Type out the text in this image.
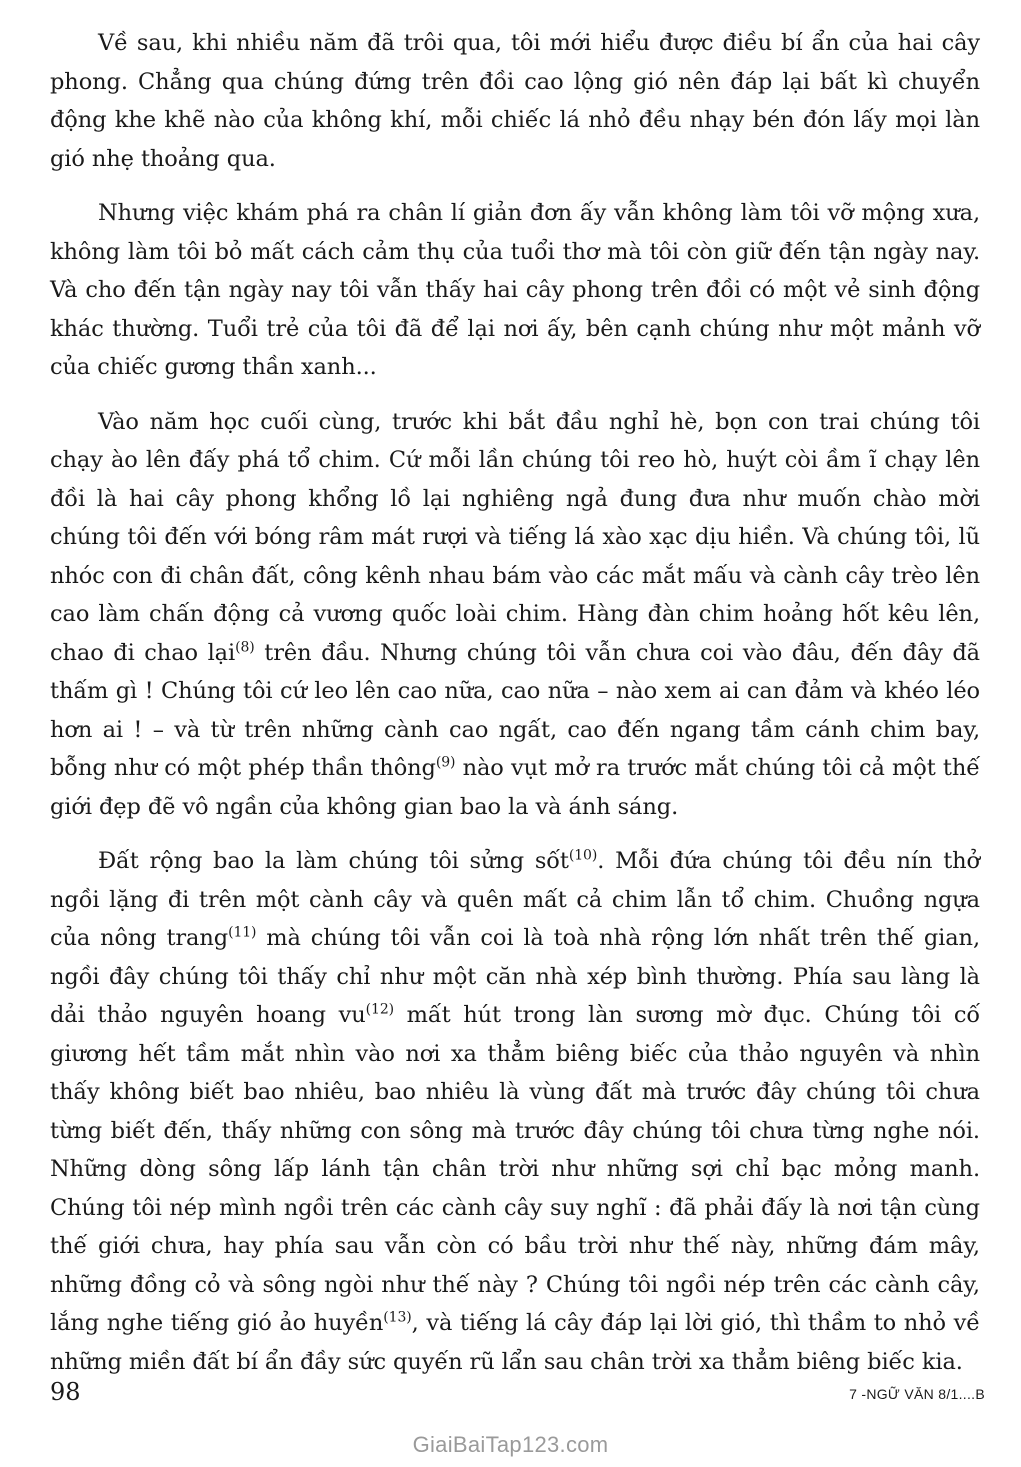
Về sau, khi nhiều năm đã trôi qua, tôi mới hiểu được điều bí ẩn của hai cây phong. Chẳng qua chúng đứng trên đồi cao lộng gió nên đáp lại bất kì chuyển động khe khẽ nào của không khí, mỗi chiếc lá nhỏ đều nhạy bén đón lấy mọi làn gió nhẹ thoảng qua.

Nhưng việc khám phá ra chân lí giản đơn ấy vẫn không làm tôi vỡ mộng xưa, không làm tôi bỏ mất cách cảm thụ của tuổi thơ mà tôi còn giữ đến tận ngày nay. Và cho đến tận ngày nay tôi vẫn thấy hai cây phong trên đồi có một vẻ sinh động khác thường. Tuổi trẻ của tôi đã để lại nơi ấy, bên cạnh chúng như một mảnh vỡ của chiếc gương thần xanh...

Vào năm học cuối cùng, trước khi bắt đầu nghỉ hè, bọn con trai chúng tôi chạy ào lên đấy phá tổ chim. Cứ mỗi lần chúng tôi reo hò, huýt còi ầm ĩ chạy lên đồi là hai cây phong khổng lồ lại nghiêng ngả đung đưa như muốn chào mời chúng tôi đến với bóng râm mát rượi và tiếng lá xào xạc dịu hiền. Và chúng tôi, lũ nhóc con đi chân đất, công kênh nhau bám vào các mắt mấu và cành cây trèo lên cao làm chấn động cả vương quốc loài chim. Hàng đàn chim hoảng hốt kêu lên, chao đi chao lại$^{(8)}$ trên đầu. Nhưng chúng tôi vẫn chưa coi vào đâu, đến đây đã thấm gì ! Chúng tôi cứ leo lên cao nữa, cao nữa – nào xem ai can đảm và khéo léo hơn ai ! – và từ trên những cành cao ngất, cao đến ngang tầm cánh chim bay, bỗng như có một phép thần thông$^{(9)}$ nào vụt mở ra trước mắt chúng tôi cả một thế giới đẹp đẽ vô ngần của không gian bao la và ánh sáng.

Đất rộng bao la làm chúng tôi sửng sốt$^{(10)}$. Mỗi đứa chúng tôi đều nín thở ngồi lặng đi trên một cành cây và quên mất cả chim lẫn tổ chim. Chuồng ngựa của nông trang$^{(11)}$ mà chúng tôi vẫn coi là toà nhà rộng lớn nhất trên thế gian, ngồi đây chúng tôi thấy chỉ như một căn nhà xép bình thường. Phía sau làng là dải thảo nguyên hoang $vu^{(12)}$ mất hút trong làn sương mờ đục. Chúng tôi cố giương hết tầm mắt nhìn vào nơi xa thẳm biêng biếc của thảo nguyên và nhìn thấy không biết bao nhiêu, bao nhiêu là vùng đất mà trước đây chúng tôi chưa từng biết đến, thấy những con sông mà trước đây chúng tôi chưa từng nghe nói. Những dòng sông lấp lánh tận chân trời như những sợi chỉ bạc mỏng manh. Chúng tôi nép mình ngồi trên các cành cây suy nghĩ : đã phải đấy là nơi tận cùng thế giới chưa, hay phía sau vẫn còn có bầu trời như thế này, những đám mây, những đồng cỏ và sông ngòi như thế này ? Chúng tôi ngồi nép trên các cành cây, lắng nghe tiếng gió ảo huyền$^{(13)}$, và tiếng lá cây đáp lại lời gió, thì thầm to nhỏ về những miền đất bí ẩn đầy sức quyến rũ lẩn sau chân trời xa thẳm biêng biếc kia.

98	7 -NGỮ VĂN 8/1....B
GiaiBaiTap123.com
